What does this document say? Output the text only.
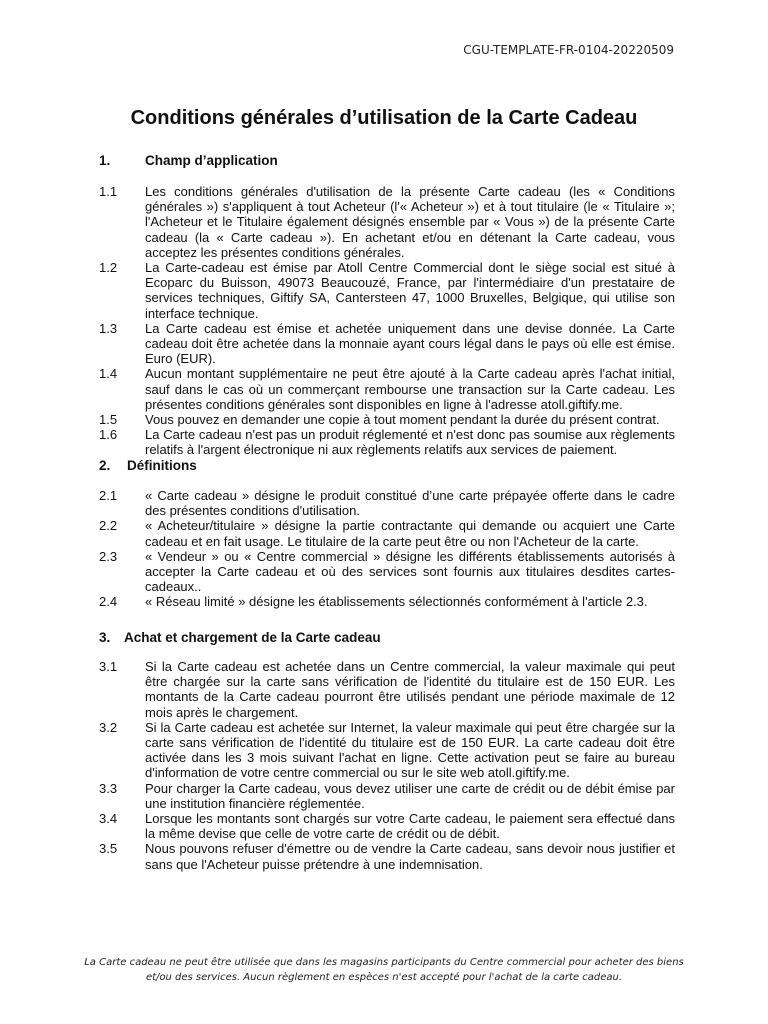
CGU-TEMPLATE-FR-0104-20220509
Conditions générales d’utilisation de la Carte Cadeau
1.	Champ d’application
1.1	Les conditions générales d'utilisation de la présente Carte cadeau (les « Conditions générales ») s'appliquent à tout Acheteur (l'« Acheteur ») et à tout titulaire (le « Titulaire »; l'Acheteur et le Titulaire également désignés ensemble par « Vous ») de la présente Carte cadeau (la « Carte cadeau »). En achetant et/ou en détenant la Carte cadeau, vous acceptez les présentes conditions générales.
1.2	La Carte-cadeau est émise par Atoll Centre Commercial dont le siège social est situé à Ecoparc du Buisson, 49073 Beaucouzé, France, par l'intermédiaire d'un prestataire de services techniques, Giftify SA, Cantersteen 47, 1000 Bruxelles, Belgique, qui utilise son interface technique.
1.3	La Carte cadeau est émise et achetée uniquement dans une devise donnée. La Carte cadeau doit être achetée dans la monnaie ayant cours légal dans le pays où elle est émise. Euro (EUR).
1.4	Aucun montant supplémentaire ne peut être ajouté à la Carte cadeau après l'achat initial, sauf dans le cas où un commerçant rembourse une transaction sur la Carte cadeau. Les présentes conditions générales sont disponibles en ligne à l'adresse atoll.giftify.me.
1.5	Vous pouvez en demander une copie à tout moment pendant la durée du présent contrat.
1.6	La Carte cadeau n'est pas un produit réglementé et n'est donc pas soumise aux règlements relatifs à l'argent électronique ni aux règlements relatifs aux services de paiement.
2. Définitions
2.1	« Carte cadeau » désigne le produit constitué d’une carte prépayée offerte dans le cadre des présentes conditions d'utilisation.
2.2	« Acheteur/titulaire » désigne la partie contractante qui demande ou acquiert une Carte cadeau et en fait usage. Le titulaire de la carte peut être ou non l'Acheteur de la carte.
2.3	« Vendeur » ou « Centre commercial » désigne les différents établissements autorisés à accepter la Carte cadeau et où des services sont fournis aux titulaires desdites cartes-cadeaux..
2.4	« Réseau limité » désigne les établissements sélectionnés conformément à l'article 2.3.
3. Achat et chargement de la Carte cadeau
3.1	Si la Carte cadeau est achetée dans un Centre commercial, la valeur maximale qui peut être chargée sur la carte sans vérification de l'identité du titulaire est de 150 EUR. Les montants de la Carte cadeau pourront être utilisés pendant une période maximale de 12 mois après le chargement.
3.2	Si la Carte cadeau est achetée sur Internet, la valeur maximale qui peut être chargée sur la carte sans vérification de l'identité du titulaire est de 150 EUR. La carte cadeau doit être activée dans les 3 mois suivant l'achat en ligne. Cette activation peut se faire au bureau d'information de votre centre commercial ou sur le site web atoll.giftify.me.
3.3	Pour charger la Carte cadeau, vous devez utiliser une carte de crédit ou de débit émise par une institution financière réglementée.
3.4	Lorsque les montants sont chargés sur votre Carte cadeau, le paiement sera effectué dans la même devise que celle de votre carte de crédit ou de débit.
3.5	Nous pouvons refuser d'émettre ou de vendre la Carte cadeau, sans devoir nous justifier et sans que l'Acheteur puisse prétendre à une indemnisation.
La Carte cadeau ne peut être utilisée que dans les magasins participants du Centre commercial pour acheter des biens
et/ou des services. Aucun règlement en espèces n'est accepté pour l'achat de la carte cadeau.
